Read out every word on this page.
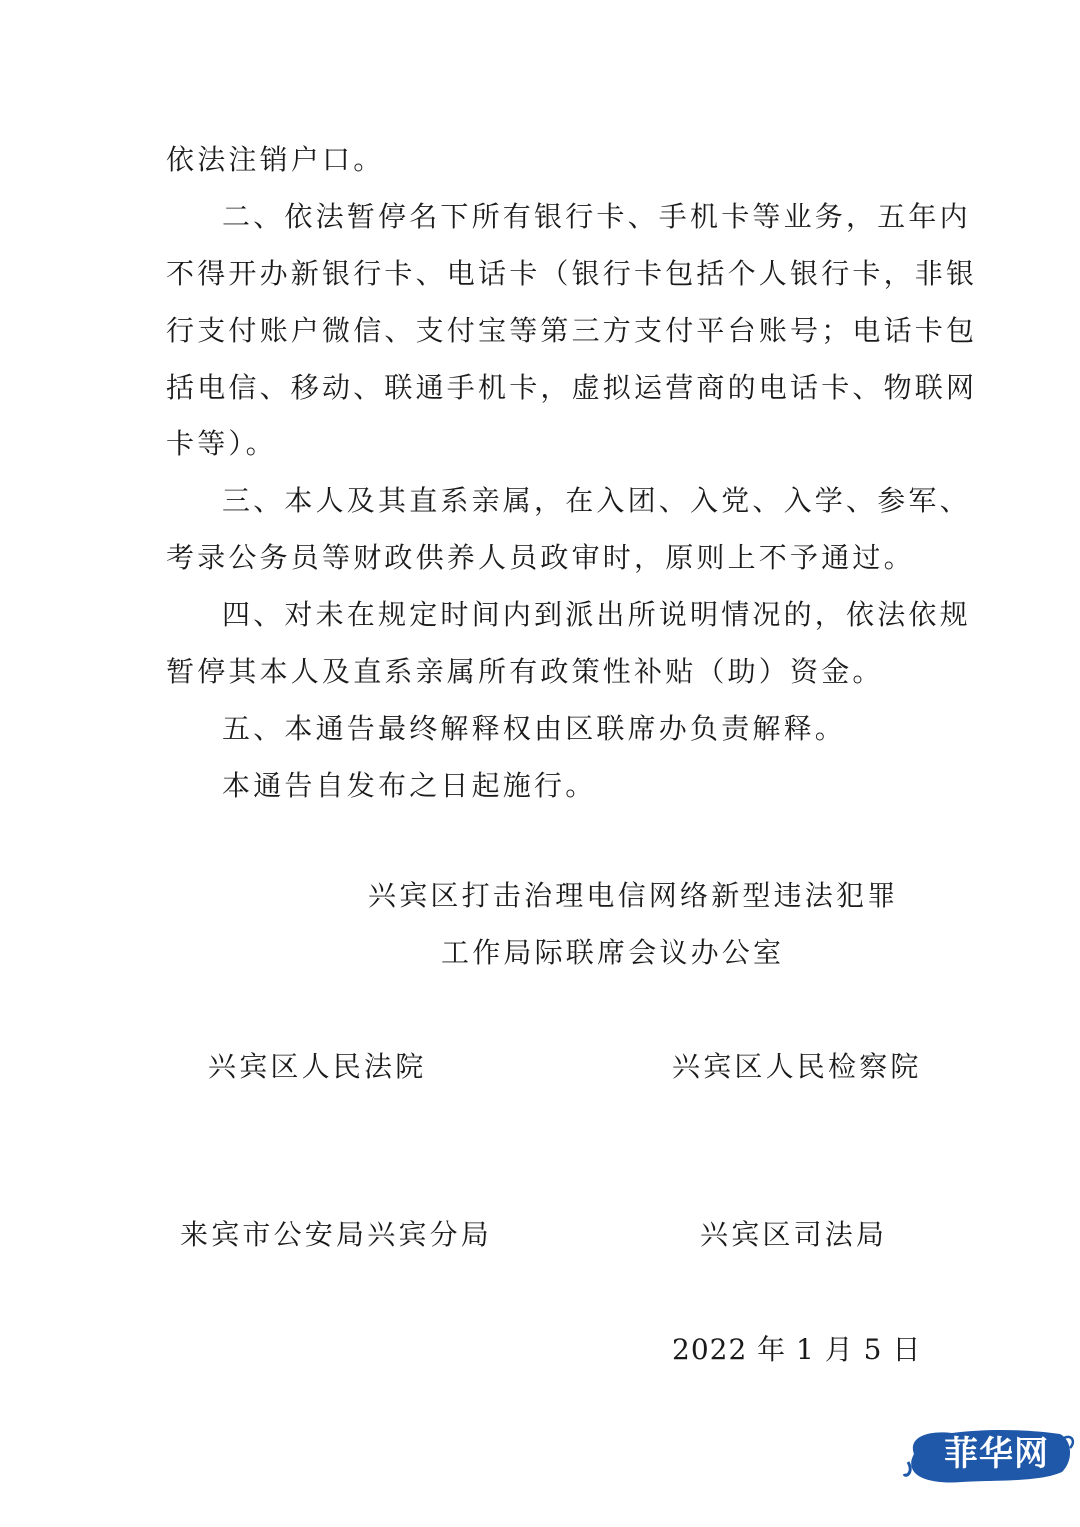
依法注销户口。
二、依法暂停名下所有银行卡、手机卡等业务，五年内
不得开办新银行卡、电话卡（银行卡包括个人银行卡，非银
行支付账户微信、支付宝等第三方支付平台账号；电话卡包
括电信、移动、联通手机卡，虚拟运营商的电话卡、物联网
卡等）。
三、本人及其直系亲属，在入团、入党、入学、参军、
考录公务员等财政供养人员政审时，原则上不予通过。
四、对未在规定时间内到派出所说明情况的，依法依规
暂停其本人及直系亲属所有政策性补贴（助）资金。
五、本通告最终解释权由区联席办负责解释。
本通告自发布之日起施行。
兴宾区打击治理电信网络新型违法犯罪
工作局际联席会议办公室
兴宾区人民法院	兴宾区人民检察院
来宾市公安局兴宾分局	兴宾区司法局
2022 年 1 月 5 日
菲华网
